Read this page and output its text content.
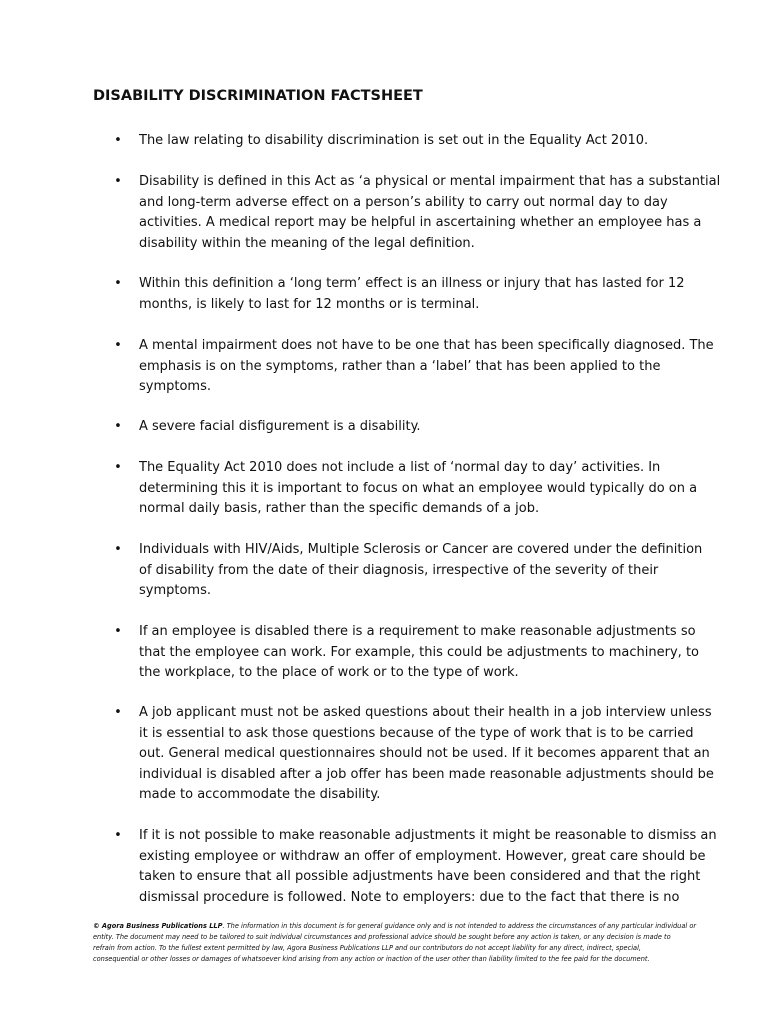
DISABILITY DISCRIMINATION FACTSHEET
• The law relating to disability discrimination is set out in the Equality Act 2010.
• Disability is defined in this Act as ‘a physical or mental impairment that has a substantial
and long-term adverse effect on a person’s ability to carry out normal day to day
activities. A medical report may be helpful in ascertaining whether an employee has a
disability within the meaning of the legal definition.
• Within this definition a ‘long term’ effect is an illness or injury that has lasted for 12
months, is likely to last for 12 months or is terminal.
• A mental impairment does not have to be one that has been specifically diagnosed. The
emphasis is on the symptoms, rather than a ‘label’ that has been applied to the
symptoms.
• A severe facial disfigurement is a disability.
• The Equality Act 2010 does not include a list of ‘normal day to day’ activities. In
determining this it is important to focus on what an employee would typically do on a
normal daily basis, rather than the specific demands of a job.
• Individuals with HIV/Aids, Multiple Sclerosis or Cancer are covered under the definition
of disability from the date of their diagnosis, irrespective of the severity of their
symptoms.
• If an employee is disabled there is a requirement to make reasonable adjustments so
that the employee can work. For example, this could be adjustments to machinery, to
the workplace, to the place of work or to the type of work.
• A job applicant must not be asked questions about their health in a job interview unless
it is essential to ask those questions because of the type of work that is to be carried
out. General medical questionnaires should not be used. If it becomes apparent that an
individual is disabled after a job offer has been made reasonable adjustments should be
made to accommodate the disability.
• If it is not possible to make reasonable adjustments it might be reasonable to dismiss an
existing employee or withdraw an offer of employment. However, great care should be
taken to ensure that all possible adjustments have been considered and that the right
dismissal procedure is followed. Note to employers: due to the fact that there is no
© Agora Business Publications LLP. The information in this document is for general guidance only and is not intended to address the circumstances of any particular individual or
entity. The document may need to be tailored to suit individual circumstances and professional advice should be sought before any action is taken, or any decision is made to
refrain from action. To the fullest extent permitted by law, Agora Business Publications LLP and our contributors do not accept liability for any direct, indirect, special,
consequential or other losses or damages of whatsoever kind arising from any action or inaction of the user other than liability limited to the fee paid for the document.
